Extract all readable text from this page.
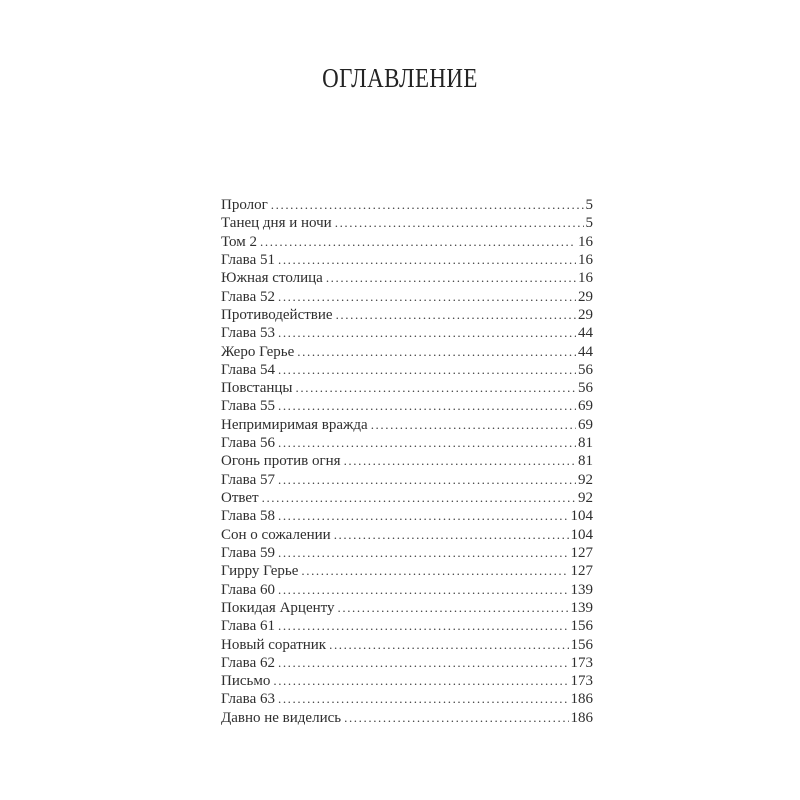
ОГЛАВЛЕНИЕ
Пролог .....	5
Танец дня и ночи .....	5
Том 2 .....	16
Глава 51 .....	16
Южная столица .....	16
Глава 52 .....	29
Противодействие .....	29
Глава 53 .....	44
Жеро Герье .....	44
Глава 54 .....	56
Повстанцы .....	56
Глава 55 .....	69
Непримиримая вражда .....	69
Глава 56 .....	81
Огонь против огня .....	81
Глава 57 .....	92
Ответ .....	92
Глава 58 .....	104
Сон о сожалении .....	104
Глава 59 .....	127
Гирру Герье .....	127
Глава 60 .....	139
Покидая Арценту .....	139
Глава 61 .....	156
Новый соратник .....	156
Глава 62 .....	173
Письмо .....	173
Глава 63 .....	186
Давно не виделись .....	186
